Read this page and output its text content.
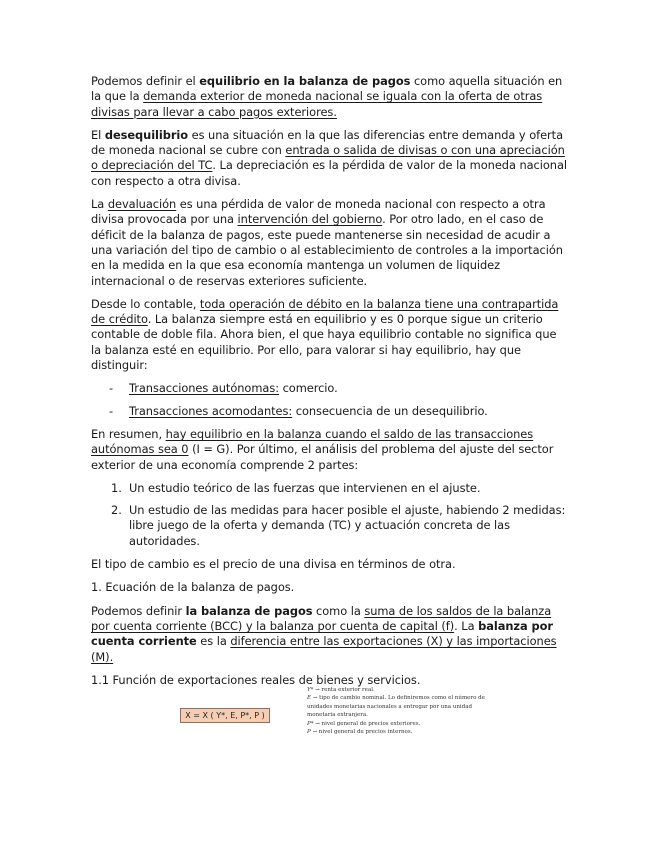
Podemos definir el equilibrio en la balanza de pagos como aquella situación en la que la demanda exterior de moneda nacional se iguala con la oferta de otras divisas para llevar a cabo pagos exteriores.

El desequilibrio es una situación en la que las diferencias entre demanda y oferta de moneda nacional se cubre con entrada o salida de divisas o con una apreciación o depreciación del TC. La depreciación es la pérdida de valor de la moneda nacional con respecto a otra divisa.

La devaluación es una pérdida de valor de moneda nacional con respecto a otra divisa provocada por una intervención del gobierno. Por otro lado, en el caso de déficit de la balanza de pagos, este puede mantenerse sin necesidad de acudir a una variación del tipo de cambio o al establecimiento de controles a la importación en la medida en la que esa economía mantenga un volumen de liquidez internacional o de reservas exteriores suficiente.

Desde lo contable, toda operación de débito en la balanza tiene una contrapartida de crédito. La balanza siempre está en equilibrio y es 0 porque sigue un criterio contable de doble fila. Ahora bien, el que haya equilibrio contable no significa que la balanza esté en equilibrio. Por ello, para valorar si hay equilibrio, hay que distinguir:

- Transacciones autónomas: comercio.
- Transacciones acomodantes: consecuencia de un desequilibrio.

En resumen, hay equilibrio en la balanza cuando el saldo de las transacciones autónomas sea 0 (I = G). Por último, el análisis del problema del ajuste del sector exterior de una economía comprende 2 partes:

1. Un estudio teórico de las fuerzas que intervienen en el ajuste.
2. Un estudio de las medidas para hacer posible el ajuste, habiendo 2 medidas: libre juego de la oferta y demanda (TC) y actuación concreta de las autoridades.

El tipo de cambio es el precio de una divisa en términos de otra.

1. Ecuación de la balanza de pagos.

Podemos definir la balanza de pagos como la suma de los saldos de la balanza por cuenta corriente (BCC) y la balanza por cuenta de capital (f). La balanza por cuenta corriente es la diferencia entre las exportaciones (X) y las importaciones (M).

1.1 Función de exportaciones reales de bienes y servicios.

X = X ( Y*, E, P*, P )
Y* → renta exterior real.
E → tipo de cambio nominal. Lo definiremos como el número de unidades monetarias nacionales a entregar por una unidad monetaria extranjera.
P* → nivel general de precios exteriores.
P → nivel general de precios internos.
